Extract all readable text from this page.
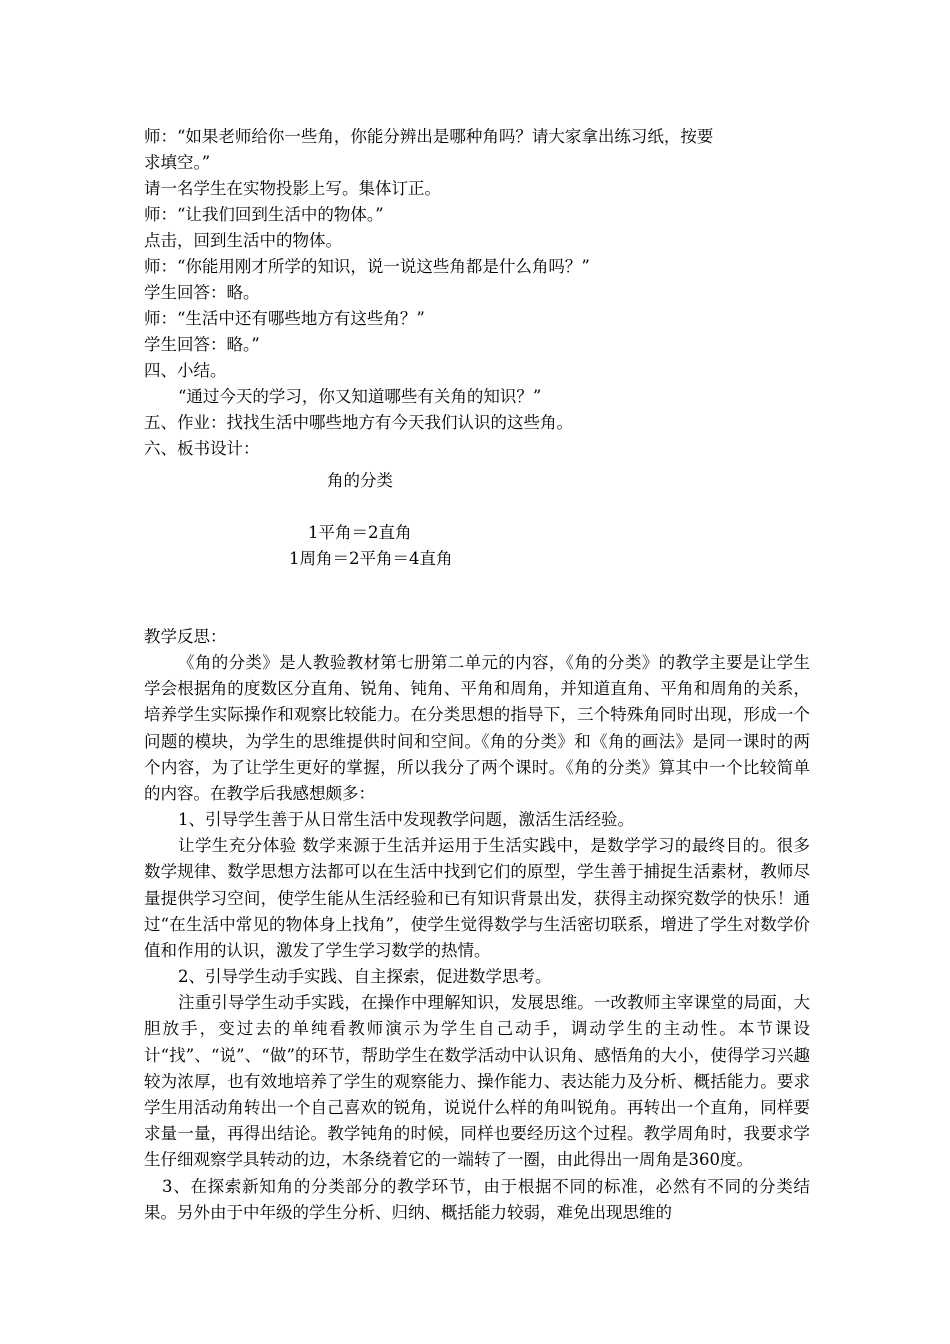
师：“如果老师给你一些角，你能分辨出是哪种角吗？请大家拿出练习纸，按要

求填空。”

请一名学生在实物投影上写。集体订正。

师：“让我们回到生活中的物体。”

点击，回到生活中的物体。

师：“你能用刚才所学的知识，说一说这些角都是什么角吗？”

学生回答：略。

师：“生活中还有哪些地方有这些角？”

学生回答：略。”

四、小结。

“通过今天的学习，你又知道哪些有关角的知识？”

五、作业：找找生活中哪些地方有今天我们认识的这些角。

六、板书设计：

角的分类

1平角＝2直角

1周角＝2平角＝4直角

教学反思：

《角的分类》是人教验教材第七册第二单元的内容，《角的分类》的教学主要是让学生学会根据角的度数区分直角、锐角、钝角、平角和周角，并知道直角、平角和周角的关系，培养学生实际操作和观察比较能力。在分类思想的指导下，三个特殊角同时出现，形成一个问题的模块，为学生的思维提供时间和空间。《角的分类》和《角的画法》是同一课时的两个内容，为了让学生更好的掌握，所以我分了两个课时。《角的分类》算其中一个比较简单的内容。在教学后我感想颇多：

1、引导学生善于从日常生活中发现教学问题，激活生活经验。

让学生充分体验 数学来源于生活并运用于生活实践中，是数学学习的最终目的。很多数学规律、数学思想方法都可以在生活中找到它们的原型，学生善于捕捉生活素材，教师尽量提供学习空间，使学生能从生活经验和已有知识背景出发，获得主动探究数学的快乐！通过“在生活中常见的物体身上找角”，使学生觉得数学与生活密切联系，增进了学生对数学价值和作用的认识，激发了学生学习数学的热情。

2、引导学生动手实践、自主探索，促进数学思考。

注重引导学生动手实践，在操作中理解知识，发展思维。一改教师主宰课堂的局面，大胆放手，变过去的单纯看教师演示为学生自己动手，调动学生的主动性。本节课设计“找”、“说”、“做”的环节，帮助学生在数学活动中认识角、感悟角的大小，使得学习兴趣较为浓厚，也有效地培养了学生的观察能力、操作能力、表达能力及分析、概括能力。要求学生用活动角转出一个自己喜欢的锐角，说说什么样的角叫锐角。再转出一个直角，同样要求量一量，再得出结论。教学钝角的时候，同样也要经历这个过程。教学周角时，我要求学生仔细观察学具转动的边，木条绕着它的一端转了一圈，由此得出一周角是360度。

3、在探索新知角的分类部分的教学环节，由于根据不同的标准，必然有不同的分类结果。另外由于中年级的学生分析、归纳、概括能力较弱，难免出现思维的
